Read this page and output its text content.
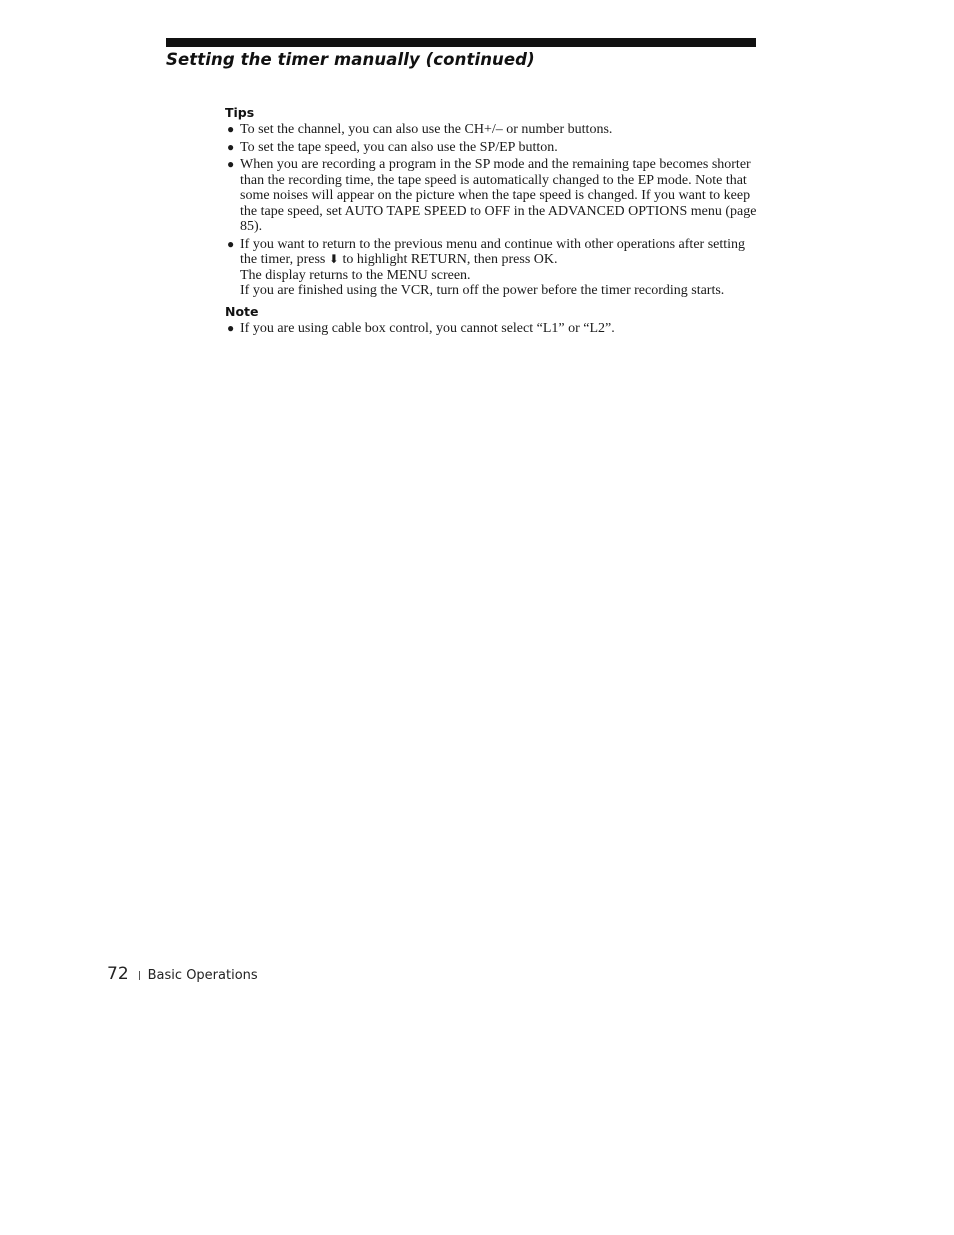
Setting the timer manually (continued)
Tips
● To set the channel, you can also use the CH+/– or number buttons.

● To set the tape speed, you can also use the SP/EP button.

● When you are recording a program in the SP mode and the remaining tape becomes shorter than the recording time, the tape speed is automatically changed to the EP mode. Note that some noises will appear on the picture when the tape speed is changed. If you want to keep the tape speed, set AUTO TAPE SPEED to OFF in the ADVANCED OPTIONS menu (page 85).

● If you want to return to the previous menu and continue with other operations after setting the timer, press ⬇ to highlight RETURN, then press OK.

The display returns to the MENU screen.

If you are finished using the VCR, turn off the power before the timer recording starts.

Note
● If you are using cable box control, you cannot select “L1” or “L2”.

72 Basic Operations
